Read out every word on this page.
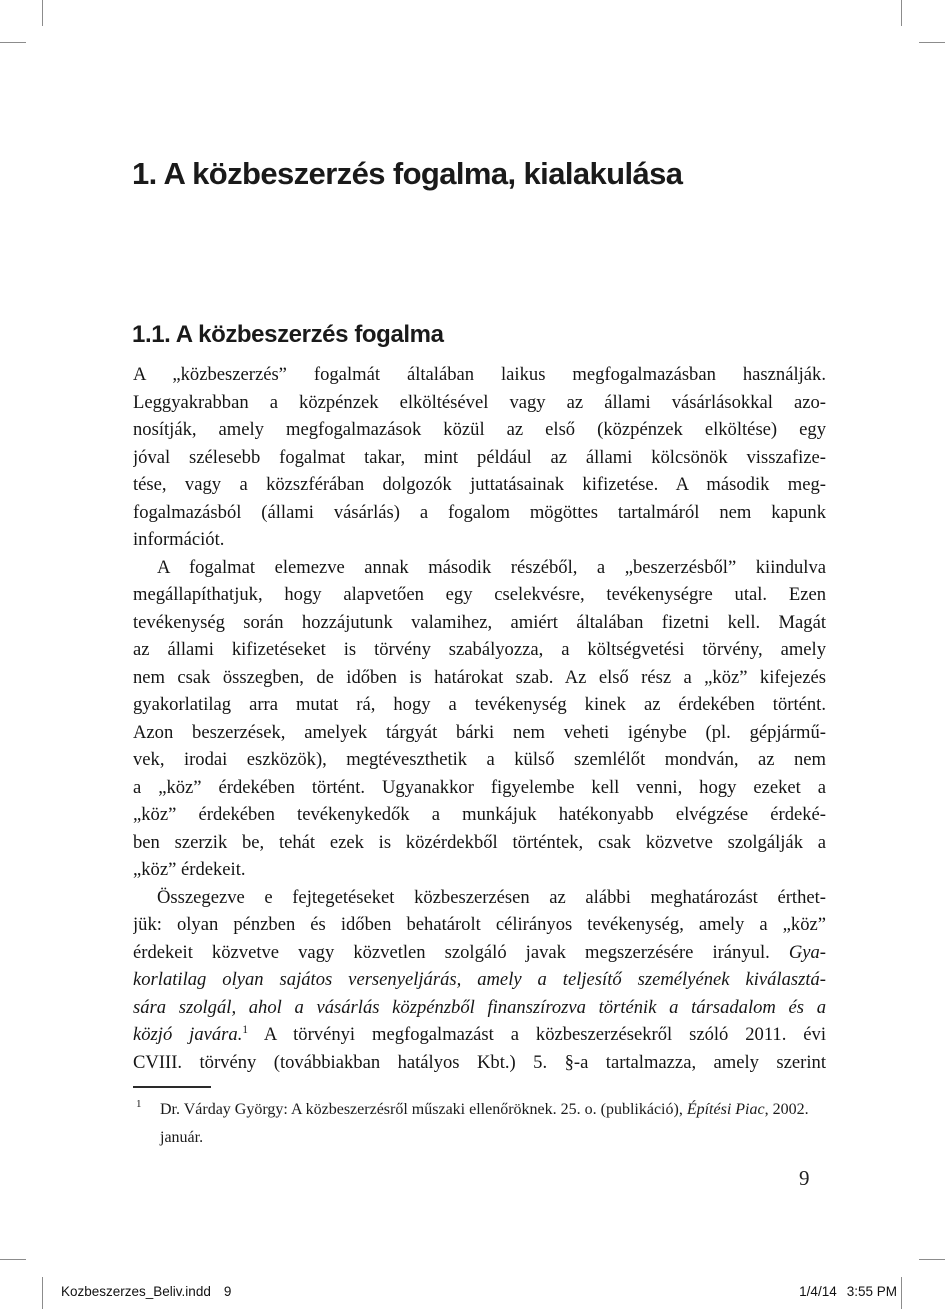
1. A közbeszerzés fogalma, kialakulása
1.1. A közbeszerzés fogalma
A „közbeszerzés” fogalmát általában laikus megfogalmazásban használják.
Leggyakrabban a közpénzek elköltésével vagy az állami vásárlásokkal azo-
nosítják, amely megfogalmazások közül az első (közpénzek elköltése) egy
jóval szélesebb fogalmat takar, mint például az állami kölcsönök visszafize-
tése, vagy a közszférában dolgozók juttatásainak kifizetése. A második meg-
fogalmazásból (állami vásárlás) a fogalom mögöttes tartalmáról nem kapunk
információt.
A fogalmat elemezve annak második részéből, a „beszerzésből” kiindulva
megállapíthatjuk, hogy alapvetően egy cselekvésre, tevékenységre utal. Ezen
tevékenység során hozzájutunk valamihez, amiért általában fizetni kell. Magát
az állami kifizetéseket is törvény szabályozza, a költségvetési törvény, amely
nem csak összegben, de időben is határokat szab. Az első rész a „köz” kifejezés
gyakorlatilag arra mutat rá, hogy a tevékenység kinek az érdekében történt.
Azon beszerzések, amelyek tárgyát bárki nem veheti igénybe (pl. gépjármű-
vek, irodai eszközök), megtéveszthetik a külső szemlélőt mondván, az nem
a „köz” érdekében történt. Ugyanakkor figyelembe kell venni, hogy ezeket a
„köz” érdekében tevékenykedők a munkájuk hatékonyabb elvégzése érdeké-
ben szerzik be, tehát ezek is közérdekből történtek, csak közvetve szolgálják a
„köz” érdekeit.
Összegezve e fejtegetéseket közbeszerzésen az alábbi meghatározást érthet-
jük: olyan pénzben és időben behatárolt célirányos tevékenység, amely a „köz”
érdekeit közvetve vagy közvetlen szolgáló javak megszerzésére irányul. Gya-
korlatilag olyan sajátos versenyeljárás, amely a teljesítő személyének kiválasztá-
sára szolgál, ahol a vásárlás közpénzből finanszírozva történik a társadalom és a
közjó javára.$^1$ A törvényi megfogalmazást a közbeszerzésekről szóló 2011. évi
CVIII. törvény (továbbiakban hatályos Kbt.) 5. §-a tartalmazza, amely szerint
1 Dr. Várday György: A közbeszerzésről műszaki ellenőröknek. 25. o. (publikáció), Építési Piac, 2002.
január.
9
Kozbeszerzes_Beliv.indd 9	1/4/14 3:55 PM
